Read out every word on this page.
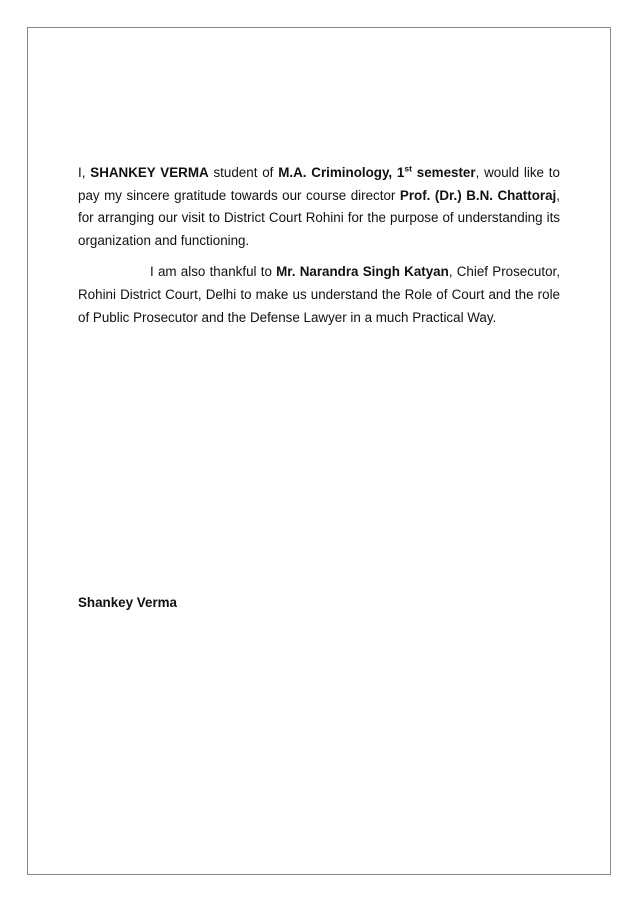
I, SHANKEY VERMA student of M.A. Criminology, 1st semester, would like to pay my sincere gratitude towards our course director Prof. (Dr.) B.N. Chattoraj, for arranging our visit to District Court Rohini for the purpose of understanding its organization and functioning.

I am also thankful to Mr. Narandra Singh Katyan, Chief Prosecutor, Rohini District Court, Delhi to make us understand the Role of Court and the role of Public Prosecutor and the Defense Lawyer in a much Practical Way.

Shankey Verma
